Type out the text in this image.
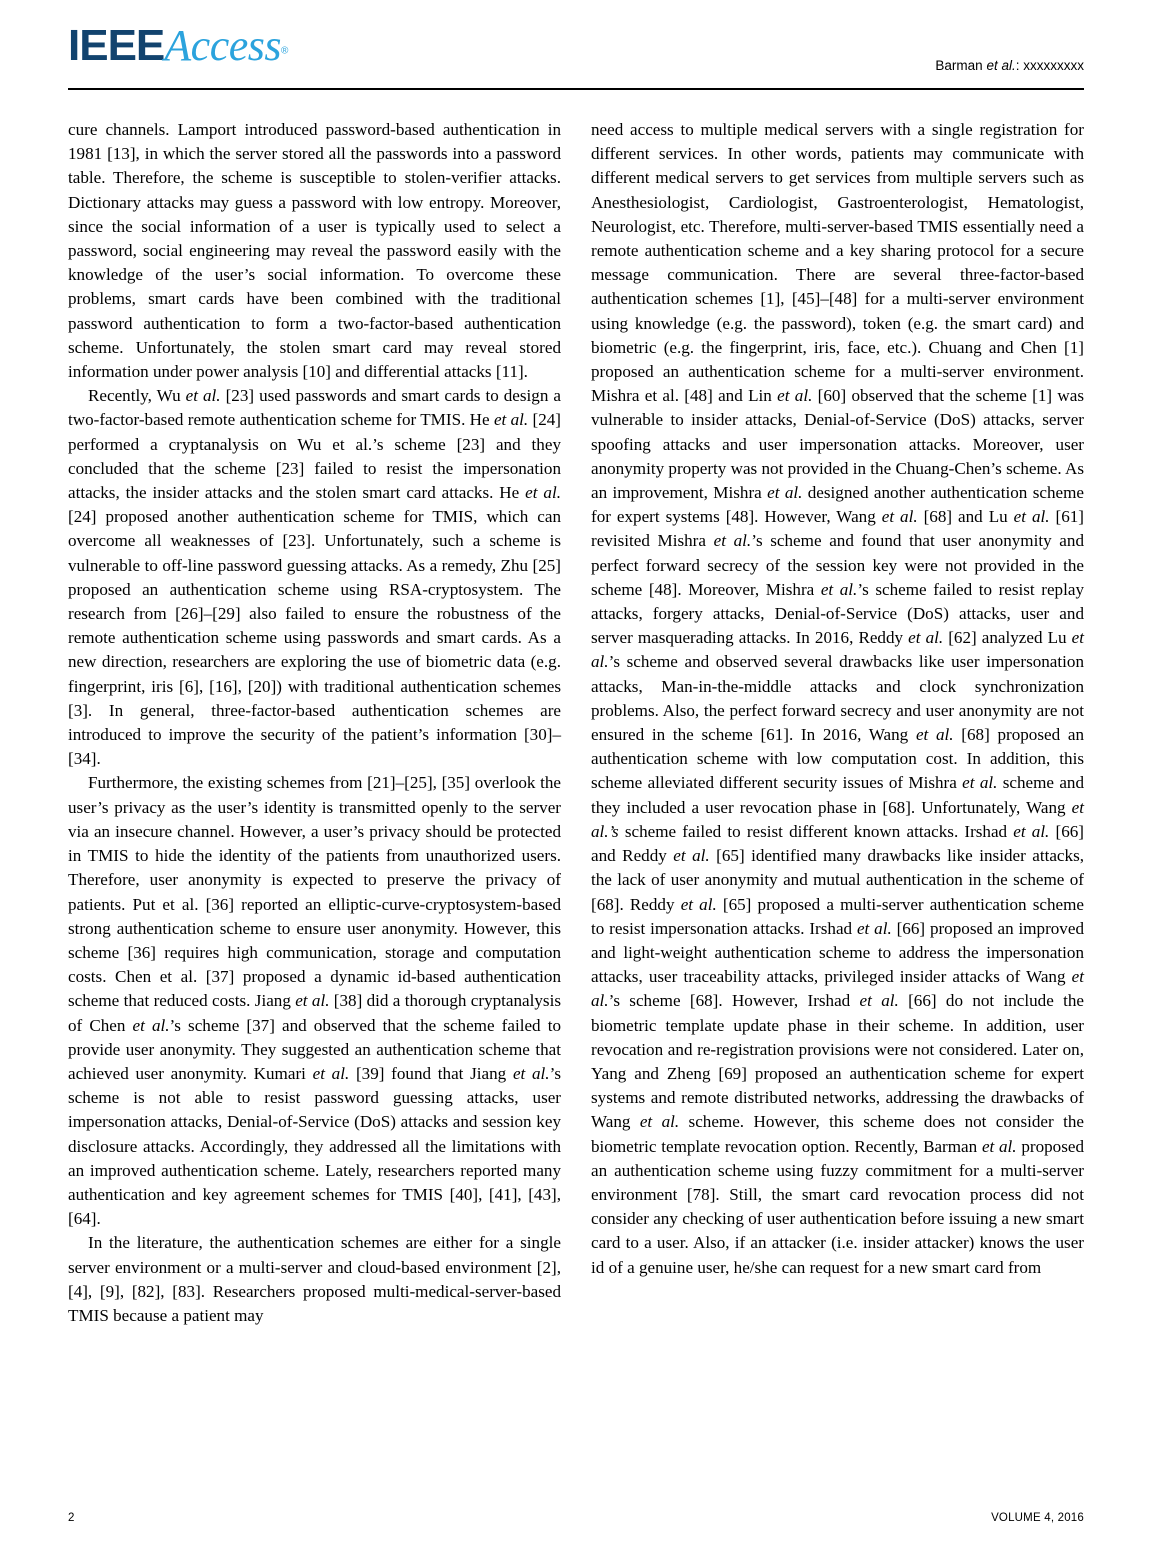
IEEEAccess®
Barman et al.: xxxxxxxxx

cure channels. Lamport introduced password-based authentication in 1981 [13], in which the server stored all the passwords into a password table. Therefore, the scheme is susceptible to stolen-verifier attacks. Dictionary attacks may guess a password with low entropy. Moreover, since the social information of a user is typically used to select a password, social engineering may reveal the password easily with the knowledge of the user’s social information. To overcome these problems, smart cards have been combined with the traditional password authentication to form a two-factor-based authentication scheme. Unfortunately, the stolen smart card may reveal stored information under power analysis [10] and differential attacks [11].

Recently, Wu et al. [23] used passwords and smart cards to design a two-factor-based remote authentication scheme for TMIS. He et al. [24] performed a cryptanalysis on Wu et al.’s scheme [23] and they concluded that the scheme [23] failed to resist the impersonation attacks, the insider attacks and the stolen smart card attacks. He et al. [24] proposed another authentication scheme for TMIS, which can overcome all weaknesses of [23]. Unfortunately, such a scheme is vulnerable to off-line password guessing attacks. As a remedy, Zhu [25] proposed an authentication scheme using RSA-cryptosystem. The research from [26]–[29] also failed to ensure the robustness of the remote authentication scheme using passwords and smart cards. As a new direction, researchers are exploring the use of biometric data (e.g. fingerprint, iris [6], [16], [20]) with traditional authentication schemes [3]. In general, three-factor-based authentication schemes are introduced to improve the security of the patient’s information [30]–[34].

Furthermore, the existing schemes from [21]–[25], [35] overlook the user’s privacy as the user’s identity is transmitted openly to the server via an insecure channel. However, a user’s privacy should be protected in TMIS to hide the identity of the patients from unauthorized users. Therefore, user anonymity is expected to preserve the privacy of patients. Put et al. [36] reported an elliptic-curve-cryptosystem-based strong authentication scheme to ensure user anonymity. However, this scheme [36] requires high communication, storage and computation costs. Chen et al. [37] proposed a dynamic id-based authentication scheme that reduced costs. Jiang et al. [38] did a thorough cryptanalysis of Chen et al.’s scheme [37] and observed that the scheme failed to provide user anonymity. They suggested an authentication scheme that achieved user anonymity. Kumari et al. [39] found that Jiang et al.’s scheme is not able to resist password guessing attacks, user impersonation attacks, Denial-of-Service (DoS) attacks and session key disclosure attacks. Accordingly, they addressed all the limitations with an improved authentication scheme. Lately, researchers reported many authentication and key agreement schemes for TMIS [40], [41], [43], [64].

In the literature, the authentication schemes are either for a single server environment or a multi-server and cloud-based environment [2], [4], [9], [82], [83]. Researchers proposed multi-medical-server-based TMIS because a patient may

need access to multiple medical servers with a single registration for different services. In other words, patients may communicate with different medical servers to get services from multiple servers such as Anesthesiologist, Cardiologist, Gastroenterologist, Hematologist, Neurologist, etc. Therefore, multi-server-based TMIS essentially need a remote authentication scheme and a key sharing protocol for a secure message communication. There are several three-factor-based authentication schemes [1], [45]–[48] for a multi-server environment using knowledge (e.g. the password), token (e.g. the smart card) and biometric (e.g. the fingerprint, iris, face, etc.). Chuang and Chen [1] proposed an authentication scheme for a multi-server environment. Mishra et al. [48] and Lin et al. [60] observed that the scheme [1] was vulnerable to insider attacks, Denial-of-Service (DoS) attacks, server spoofing attacks and user impersonation attacks. Moreover, user anonymity property was not provided in the Chuang-Chen’s scheme. As an improvement, Mishra et al. designed another authentication scheme for expert systems [48]. However, Wang et al. [68] and Lu et al. [61] revisited Mishra et al.’s scheme and found that user anonymity and perfect forward secrecy of the session key were not provided in the scheme [48]. Moreover, Mishra et al.’s scheme failed to resist replay attacks, forgery attacks, Denial-of-Service (DoS) attacks, user and server masquerading attacks. In 2016, Reddy et al. [62] analyzed Lu et al.’s scheme and observed several drawbacks like user impersonation attacks, Man-in-the-middle attacks and clock synchronization problems. Also, the perfect forward secrecy and user anonymity are not ensured in the scheme [61]. In 2016, Wang et al. [68] proposed an authentication scheme with low computation cost. In addition, this scheme alleviated different security issues of Mishra et al. scheme and they included a user revocation phase in [68]. Unfortunately, Wang et al.’s scheme failed to resist different known attacks. Irshad et al. [66] and Reddy et al. [65] identified many drawbacks like insider attacks, the lack of user anonymity and mutual authentication in the scheme of [68]. Reddy et al. [65] proposed a multi-server authentication scheme to resist impersonation attacks. Irshad et al. [66] proposed an improved and light-weight authentication scheme to address the impersonation attacks, user traceability attacks, privileged insider attacks of Wang et al.’s scheme [68]. However, Irshad et al. [66] do not include the biometric template update phase in their scheme. In addition, user revocation and re-registration provisions were not considered. Later on, Yang and Zheng [69] proposed an authentication scheme for expert systems and remote distributed networks, addressing the drawbacks of Wang et al. scheme. However, this scheme does not consider the biometric template revocation option. Recently, Barman et al. proposed an authentication scheme using fuzzy commitment for a multi-server environment [78]. Still, the smart card revocation process did not consider any checking of user authentication before issuing a new smart card to a user. Also, if an attacker (i.e. insider attacker) knows the user id of a genuine user, he/she can request for a new smart card from

2	VOLUME 4, 2016
